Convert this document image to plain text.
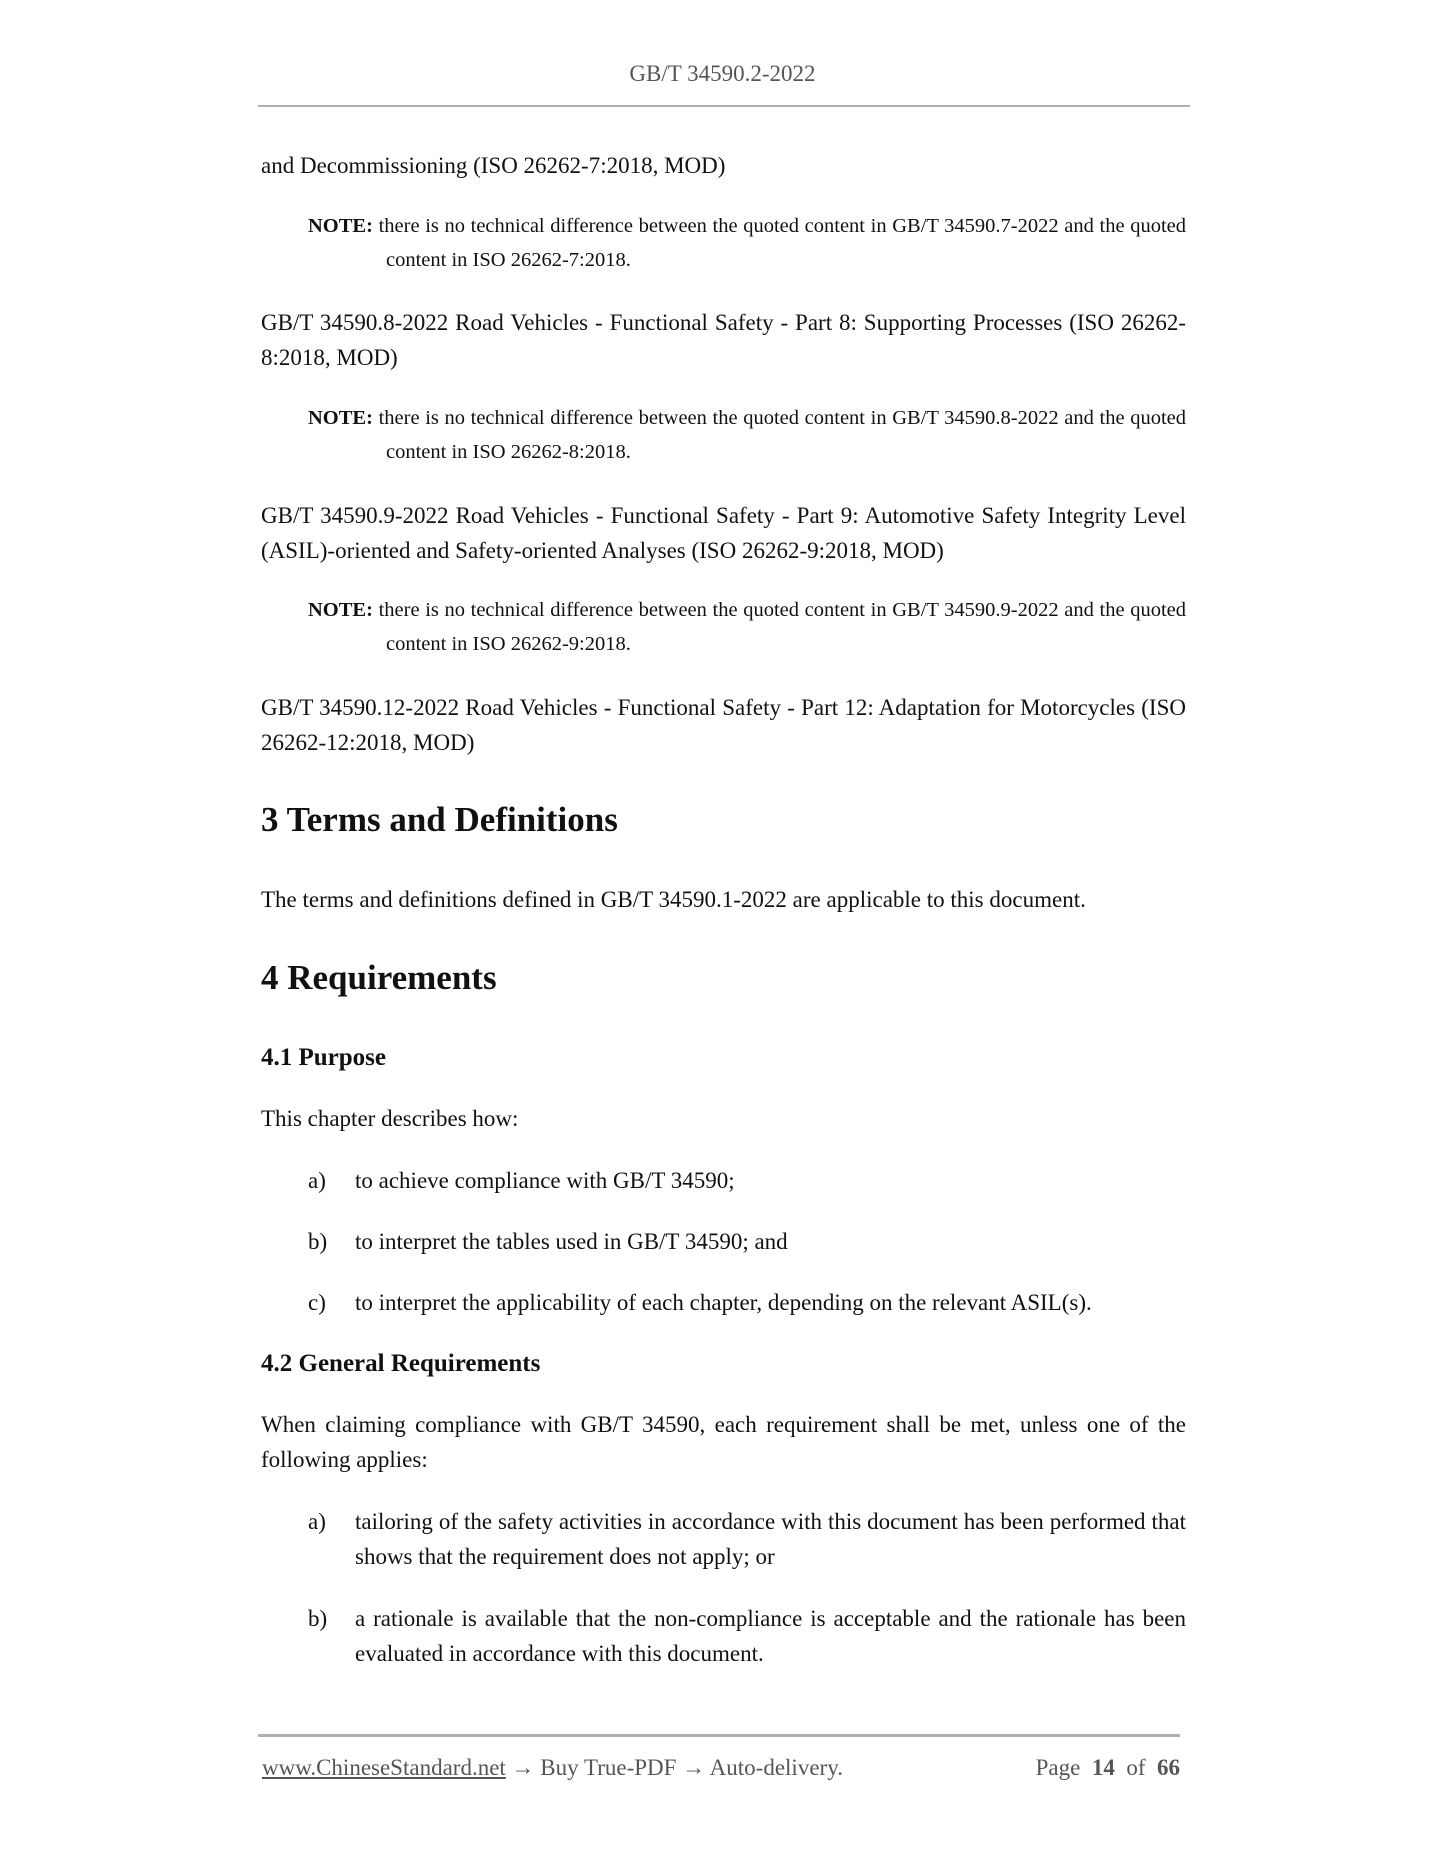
GB/T 34590.2-2022
and Decommissioning (ISO 26262-7:2018, MOD)
NOTE: there is no technical difference between the quoted content in GB/T 34590.7-2022 and the quoted content in ISO 26262-7:2018.
GB/T 34590.8-2022 Road Vehicles - Functional Safety - Part 8: Supporting Processes (ISO 26262-8:2018, MOD)
NOTE: there is no technical difference between the quoted content in GB/T 34590.8-2022 and the quoted content in ISO 26262-8:2018.
GB/T 34590.9-2022 Road Vehicles - Functional Safety - Part 9: Automotive Safety Integrity Level (ASIL)-oriented and Safety-oriented Analyses (ISO 26262-9:2018, MOD)
NOTE: there is no technical difference between the quoted content in GB/T 34590.9-2022 and the quoted content in ISO 26262-9:2018.
GB/T 34590.12-2022 Road Vehicles - Functional Safety - Part 12: Adaptation for Motorcycles (ISO 26262-12:2018, MOD)
3 Terms and Definitions
The terms and definitions defined in GB/T 34590.1-2022 are applicable to this document.
4 Requirements
4.1 Purpose
This chapter describes how:
a) to achieve compliance with GB/T 34590;
b) to interpret the tables used in GB/T 34590; and
c) to interpret the applicability of each chapter, depending on the relevant ASIL(s).
4.2 General Requirements
When claiming compliance with GB/T 34590, each requirement shall be met, unless one of the following applies:
a) tailoring of the safety activities in accordance with this document has been performed that shows that the requirement does not apply; or
b) a rationale is available that the non-compliance is acceptable and the rationale has been evaluated in accordance with this document.
www.ChineseStandard.net → Buy True-PDF → Auto-delivery.	Page 14 of 66
